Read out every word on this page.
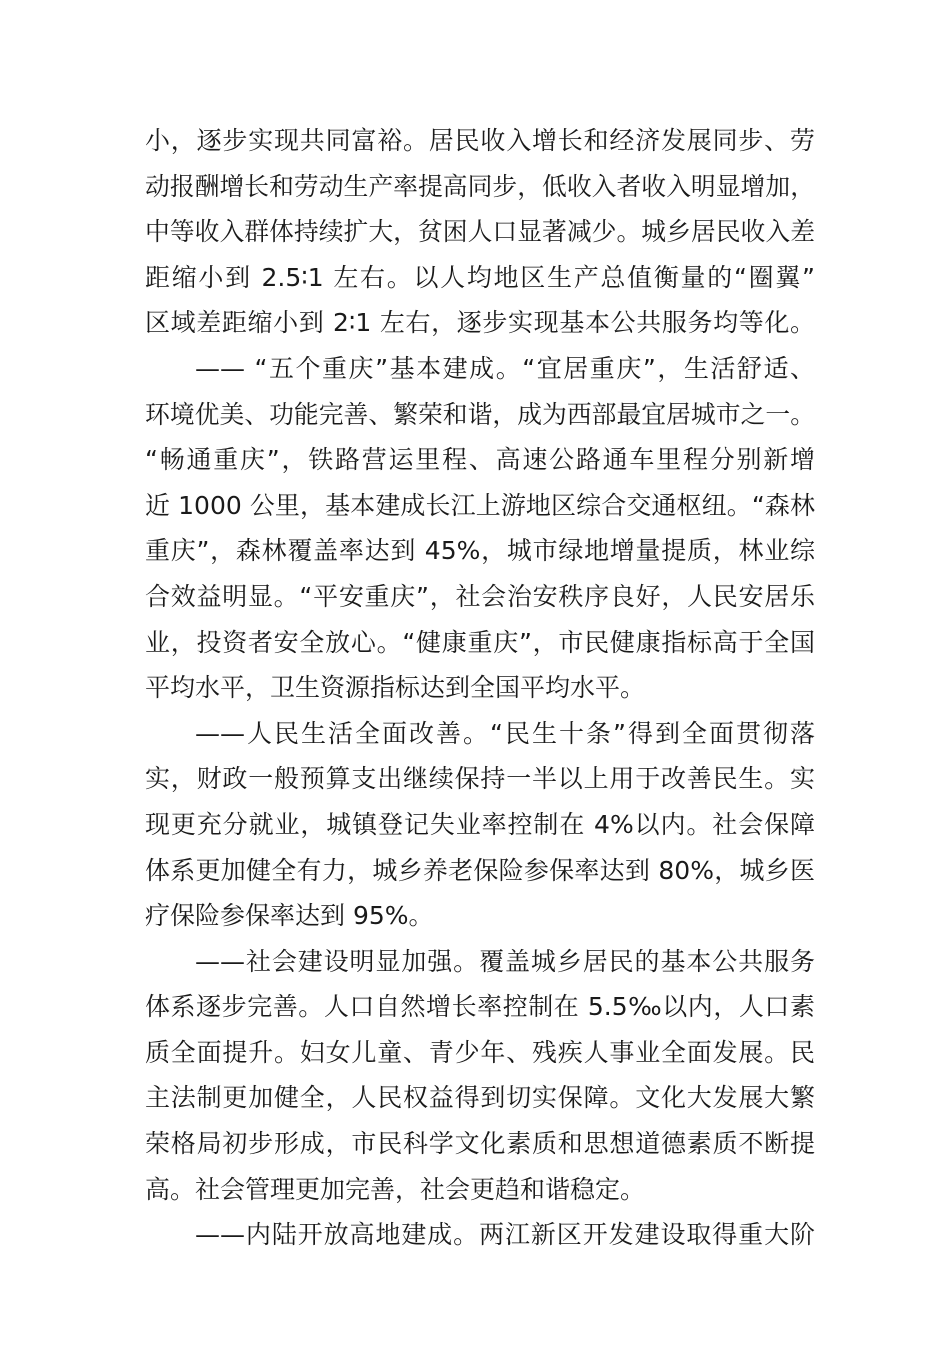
小，逐步实现共同富裕。居民收入增长和经济发展同步、劳
动报酬增长和劳动生产率提高同步，低收入者收入明显增加，
中等收入群体持续扩大，贫困人口显著减少。城乡居民收入差
距缩小到 2.5∶1 左右。以人均地区生产总值衡量的“圈翼”
区域差距缩小到 2∶1 左右，逐步实现基本公共服务均等化。
—— “五个重庆”基本建成。“宜居重庆”，生活舒适、
环境优美、功能完善、繁荣和谐，成为西部最宜居城市之一。
“畅通重庆”，铁路营运里程、高速公路通车里程分别新增
近 1000 公里，基本建成长江上游地区综合交通枢纽。“森林
重庆”，森林覆盖率达到 45%，城市绿地增量提质，林业综
合效益明显。“平安重庆”，社会治安秩序良好，人民安居乐
业，投资者安全放心。“健康重庆”，市民健康指标高于全国
平均水平，卫生资源指标达到全国平均水平。
——人民生活全面改善。“民生十条”得到全面贯彻落
实，财政一般预算支出继续保持一半以上用于改善民生。实
现更充分就业，城镇登记失业率控制在 4%以内。社会保障
体系更加健全有力，城乡养老保险参保率达到 80%，城乡医
疗保险参保率达到 95%。
——社会建设明显加强。覆盖城乡居民的基本公共服务
体系逐步完善。人口自然增长率控制在 5.5‰以内，人口素
质全面提升。妇女儿童、青少年、残疾人事业全面发展。民
主法制更加健全，人民权益得到切实保障。文化大发展大繁
荣格局初步形成，市民科学文化素质和思想道德素质不断提
高。社会管理更加完善，社会更趋和谐稳定。
——内陆开放高地建成。两江新区开发建设取得重大阶
